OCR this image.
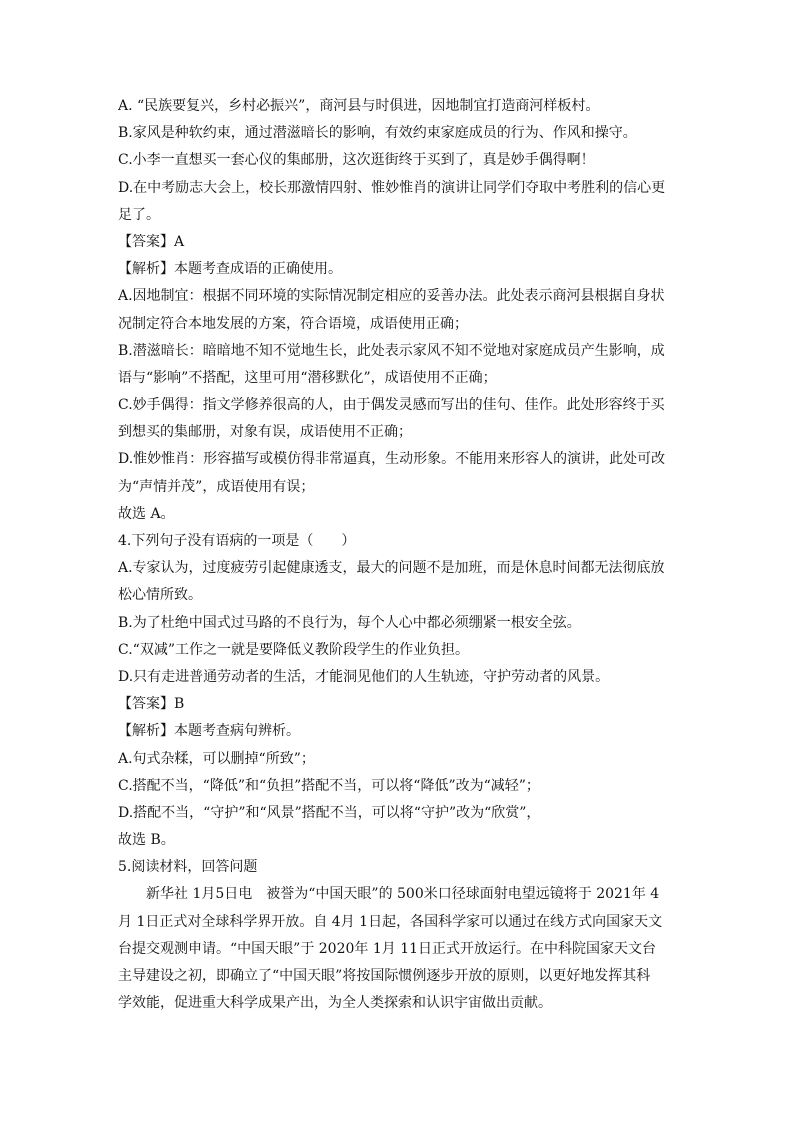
A. “民族要复兴，乡村必振兴”，商河县与时俱进，因地制宜打造商河样板村。
B.家风是种软约束，通过潜滋暗长的影响，有效约束家庭成员的行为、作风和操守。
C.小李一直想买一套心仪的集邮册，这次逛街终于买到了，真是妙手偶得啊！
D.在中考励志大会上，校长那激情四射、惟妙惟肖的演讲让同学们夺取中考胜利的信心更
足了。
【答案】A
【解析】本题考查成语的正确使用。
A.因地制宜：根据不同环境的实际情况制定相应的妥善办法。此处表示商河县根据自身状
况制定符合本地发展的方案，符合语境，成语使用正确；
B.潜滋暗长：暗暗地不知不觉地生长，此处表示家风不知不觉地对家庭成员产生影响，成
语与“影响”不搭配，这里可用“潜移默化”，成语使用不正确；
C.妙手偶得：指文学修养很高的人，由于偶发灵感而写出的佳句、佳作。此处形容终于买
到想买的集邮册，对象有误，成语使用不正确；
D.惟妙惟肖：形容描写或模仿得非常逼真，生动形象。不能用来形容人的演讲，此处可改
为“声情并茂”，成语使用有误；
故选 A。
4.下列句子没有语病的一项是（　　）
A.专家认为，过度疲劳引起健康透支，最大的问题不是加班，而是休息时间都无法彻底放
松心情所致。
B.为了杜绝中国式过马路的不良行为，每个人心中都必须绷紧一根安全弦。
C.“双减”工作之一就是要降低义教阶段学生的作业负担。
D.只有走进普通劳动者的生活，才能洞见他们的人生轨迹，守护劳动者的风景。
【答案】B
【解析】本题考查病句辨析。
A.句式杂糅，可以删掉“所致”；
C.搭配不当，“降低”和“负担”搭配不当，可以将“降低”改为“减轻”；
D.搭配不当，“守护”和“风景”搭配不当，可以将“守护”改为“欣赏”，
故选 B。
5.阅读材料，回答问题
新华社 1月5日电　被誉为“中国天眼”的 500米口径球面射电望远镜将于 2021年 4
月 1日正式对全球科学界开放。自 4月 1日起，各国科学家可以通过在线方式向国家天文
台提交观测申请。“中国天眼”于 2020年 1月 11日正式开放运行。在中科院国家天文台
主导建设之初，即确立了“中国天眼”将按国际惯例逐步开放的原则，以更好地发挥其科
学效能，促进重大科学成果产出，为全人类探索和认识宇宙做出贡献。
